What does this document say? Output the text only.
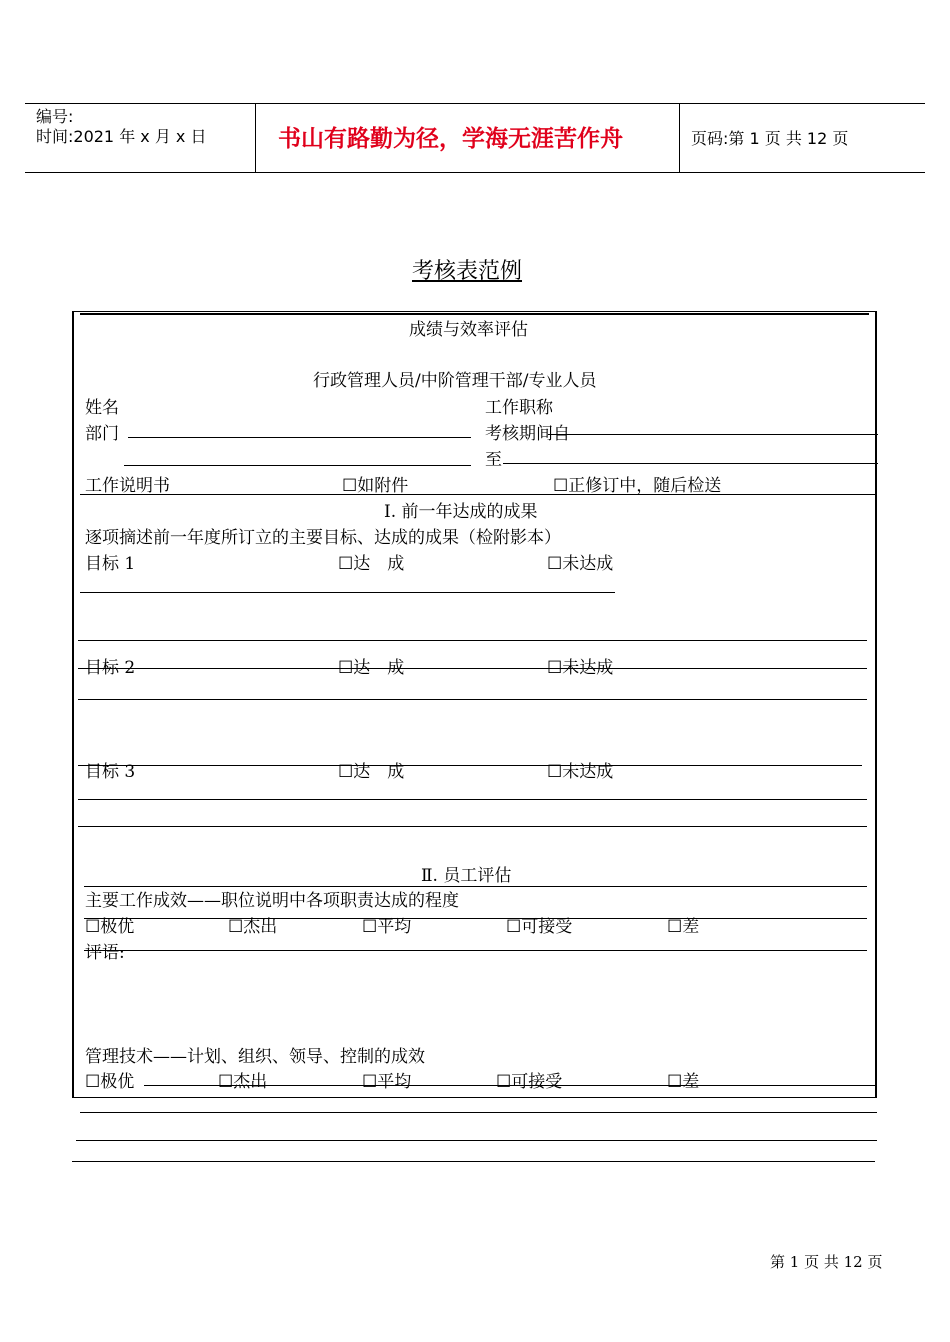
编号:
时间:2021 年 x 月 x 日	书山有路勤为径，学海无涯苦作舟	页码:第 1 页 共 12 页
考核表范例
成绩与效率评估
行政管理人员/中阶管理干部/专业人员
姓名	工作职称
部门	考核期间自
至
工作说明书	☐如附件	☐正修订中，随后检送
Ⅰ. 前一年达成的成果
逐项摘述前一年度所订立的主要目标、达成的成果（检附影本）
目标 1	☐达　成	☐未达成
目标 2	☐达　成	☐未达成
目标 3	☐达　成	☐未达成
Ⅱ. 员工评估
主要工作成效——职位说明中各项职责达成的程度
☐极优	☐杰出	☐平均	☐可接受	☐差
评语:
管理技术——计划、组织、领导、控制的成效
☐极优	☐杰出	☐平均	☐可接受	☐差
第 1 页 共 12 页
